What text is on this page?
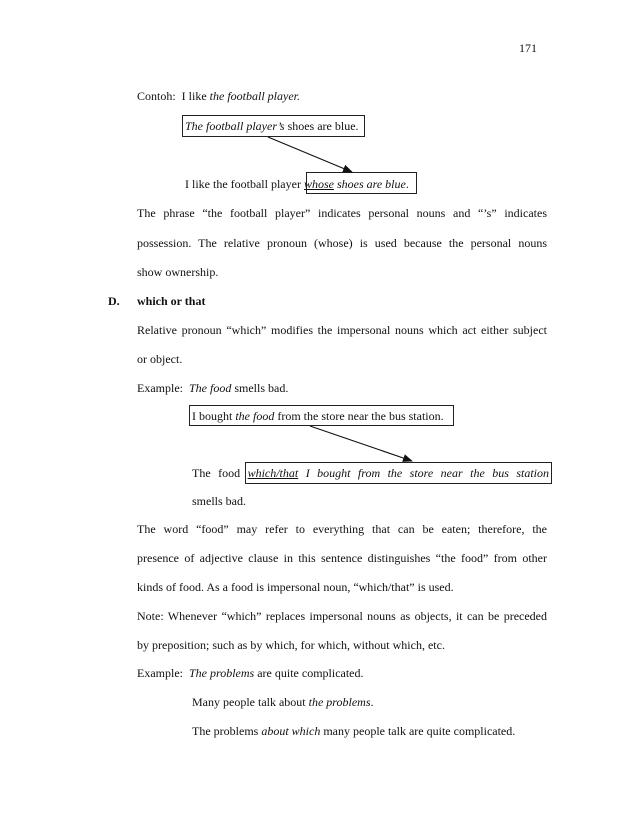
171
Contoh: I like the football player.
The football player’s shoes are blue.
I like the football player whose shoes are blue.
The phrase “the football player” indicates personal nouns and “’s” indicates
possession. The relative pronoun (whose) is used because the personal nouns
show ownership.
D. which or that
Relative pronoun “which” modifies the impersonal nouns which act either subject
or object.
Example: The food smells bad.
I bought the food from the store near the bus station.
The food which/that I bought from the store near the bus station
smells bad.
The word “food” may refer to everything that can be eaten; therefore, the
presence of adjective clause in this sentence distinguishes “the food” from other
kinds of food. As a food is impersonal noun, “which/that” is used.
Note: Whenever “which” replaces impersonal nouns as objects, it can be preceded
by preposition; such as by which, for which, without which, etc.
Example: The problems are quite complicated.
Many people talk about the problems.
The problems about which many people talk are quite complicated.
